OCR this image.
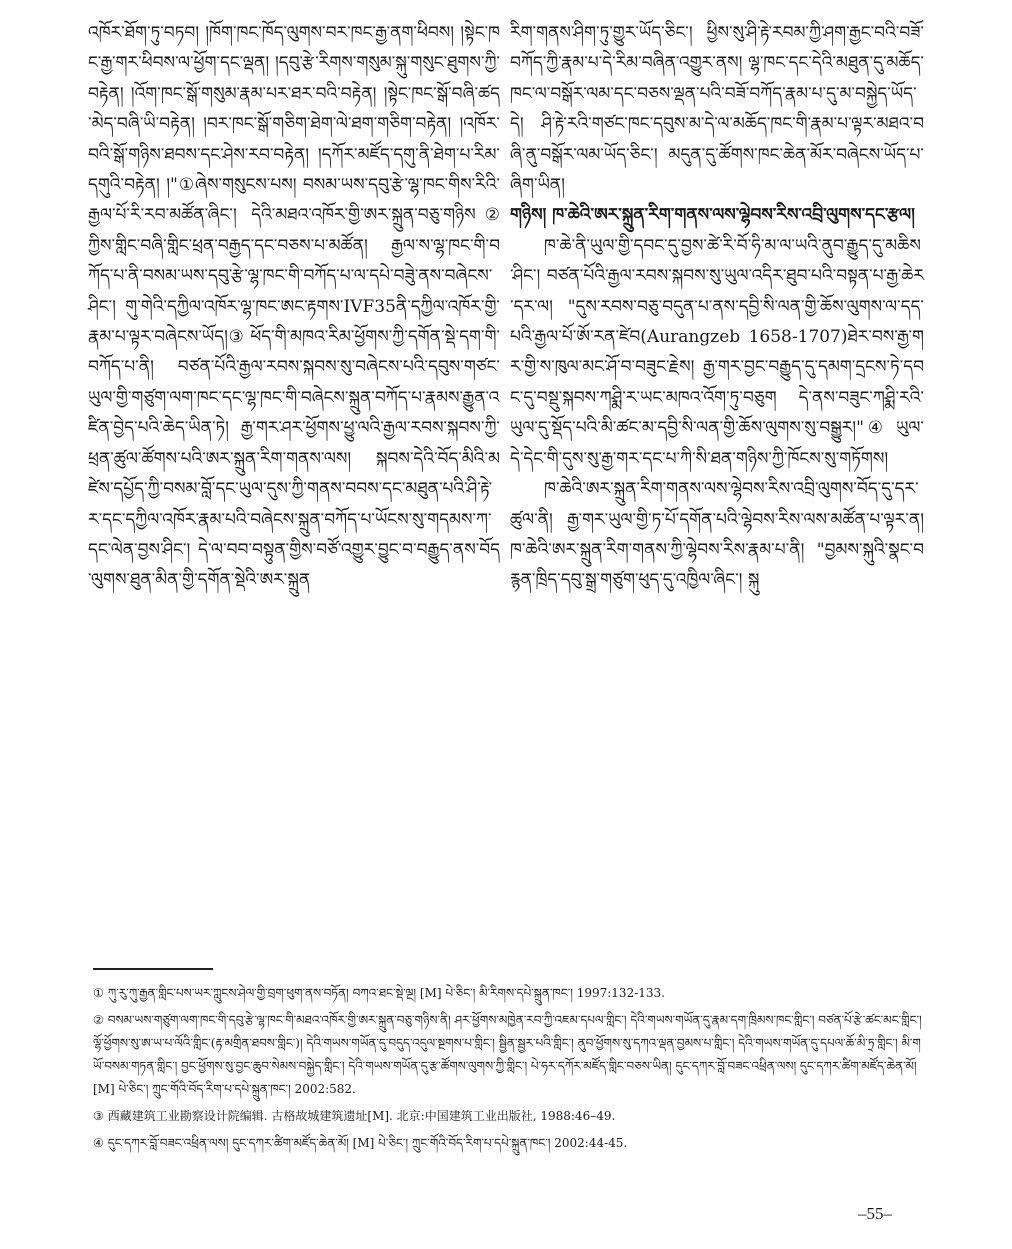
འཁོར་ཐོག་ཏུ་བཏབ། །ཁོག་ཁང་ཁོད་ལུགས་བར་ཁང་རྒྱ་ནག་ཕིབས། །སྟེང་ཁང་རྒྱ་གར་ཕིབས་ལ་ཕྱོག་དང་ལྡན། །དབུ་རྩེ་རིགས་གསུམ་སྐུ་གསུང་ཐུགས་ཀྱི་བརྟེན། །འོག་ཁང་སྒོ་གསུམ་རྣམ་པར་ཐར་བའི་བརྟེན། །སྟེང་ཁང་སྒོ་བཞི་ཚད་མེད་བཞི་ཡི་བརྟེན། །བར་ཁང་སྒོ་གཅིག་ཐེག་ལེ་ཐག་གཅིག་བརྟེན། །འཁོར་བའི་སྒོ་གཉིས་ཐབས་དང་ཤེས་རབ་བརྟེན། །དཀོར་མཛོད་དགུ་ནི་ཐེག་པ་རིམ་དགུའི་བརྟེན། །"①ཞེས་གསུངས་པས། བསམ་ཡས་དབུ་རྩེ་ལྷ་ཁང་གིས་རིའི་རྒྱལ་པོ་རི་རབ་མཚོན་ཞིང་། དེའི་མཐའ་འཁོར་གྱི་ཨར་སྐྲུན་བཅུ་གཉིས②ཀྱིས་གླིང་བཞི་གླིང་ཕྲན་བརྒྱད་དང་བཅས་པ་མཚོན། རྒྱལ་ས་ལྷ་ཁང་གི་བཀོད་པ་ནི་བསམ་ཡས་དབུ་རྩེ་ལྷ་ཁང་གི་བཀོད་པ་ལ་དཔེ་བཟེུ་ནས་བཞེངས་ཤིང་། གུ་གེའི་དཀྱིལ་འཁོར་ལྷ་ཁང་ཨང་རྟགས་IVF35ནི་དཀྱིལ་འཁོར་གྱི་རྣམ་པ་ལྟར་བཞེངས་ཡོད།③ ཕོད་གི་མཁའ་རིམ་ཕྱོགས་ཀྱི་དགོན་སྡེ་དག་གི་བཀོད་པ་ནི། བཙན་པོའི་རྒྱལ་རབས་སྐབས་སུ་བཞེངས་པའི་དབུས་གཙང་ཡུལ་གྱི་གཙུག་ལག་ཁང་དང་ལྷ་ཁང་གི་བཞེངས་སྐྲུན་བཀོད་པ་རྣམས་རྒྱུན་འཛིན་བྱེད་པའི་ཆེད་ཡིན་ཏེ། རྒྱ་གར་ཤར་ཕྱོགས་ཕྱུ་ལའི་རྒྱལ་རབས་སྐབས་ཀྱི་ཕྲན་ཚུལ་ཚོགས་པའི་ཨར་སྐྲུན་རིག་གནས་ལས། སྐབས་དེའི་བོད་མིའི་མཛེས་དཔྱོད་ཀྱི་བསམ་བློ་དང་ཡུལ་དུས་ཀྱི་གནས་བབས་དང་མཐུན་པའི་ཤི་རྟེ་ར་དང་དཀྱིལ་འཁོར་རྣམ་པའི་བཞེངས་སྐྲུན་བཀོད་པ་ཡོངས་སུ་གདམས་ཀ་དང་ལེན་བྱས་ཤིང་། དེ་ལ་བབ་བསྟུན་གྱིས་བཙོ་འགྱུར་བྱུང་བ་བརྒྱུད་ནས་བོད་ལུགས་ཐུན་མིན་གྱི་དགོན་སྡེའི་ཨར་སྐྲུན

རིག་གནས་ཤིག་ཏུ་གྱུར་ཡོད་ཅིང་། ཕྱིས་སུ་ཤི་རྟེ་རབམ་ཀྱི་ཤག་རྒྱང་བའི་བཟོ་བཀོད་ཀྱི་རྣམ་པ་དེ་རིམ་བཞིན་འགྱུར་ནས། ལྷ་ཁང་དང་དེའི་མཐུན་དུ་མཆོད་ཁང་ལ་བསྒོར་ལམ་དང་བཅས་ལྡན་པའི་བཟོ་བཀོད་རྣམ་པ་དུ་མ་བསྐྱེད་ཡོད་དེ། ཤི་རྟེ་རའི་གཙང་ཁང་དབུས་མ་དེ་ལ་མཆོད་ཁང་གི་རྣམ་པ་ལྟར་མཐའ་བཞི་ནུ་བསྒོར་ལམ་ཡོད་ཅིང་། མདུན་དུ་ཚོགས་ཁང་ཆེན་མོར་བཞེངས་ཡོད་པ་ཞིག་ཡིན།

གཉིས། ཁ་ཆེའི་ཨར་སྐྲུན་རིག་གནས་ལས་ལྷེབས་རིས་འབྲི་ལུགས་དང་རྩལ།

ཁ་ཆེ་ནི་ཡུལ་གྱི་དབང་དུ་བྱས་ཚེ་རི་བོ་ཧི་མ་ལ་ཡའི་ནུབ་རྒྱུད་དུ་མཆིས་ཤིང་། བཙན་པོའི་རྒྱལ་རབས་སྐབས་སུ་ཡུལ་འདིར་ཐུབ་པའི་བསྟན་པ་རྒྱ་ཆེར་དར་ལ། "དུས་རབས་བཅུ་བདུན་པ་ནས་དབྱི་སི་ལན་གྱི་ཆོས་ལུགས་ལ་དད་པའི་རྒྱལ་པོ་ཨོ་རན་ཛེབ(Aurangzeb 1658-1707)ཐེར་བས་རྒྱ་གར་གྱི་ས་ཁུལ་མང་ཤོ་བ་བཟུང་རྗེས། རྒྱ་གར་བྱང་བརྒྱུད་དུ་དམག་དྲངས་ཏེ་དབང་དུ་བསྡུ་སྐབས་ཀཤྨི་ར་ཡང་མཁའ་འོག་ཏུ་བཅུག དེ་ནས་བཟུང་ཀཤྨི་རའི་ཡུལ་དུ་སྡོད་པའི་མི་ཚང་མ་དབྱི་སི་ལན་གྱི་ཆོས་ལུགས་སུ་བསྒྱུར།"④ ཡུལ་དེ་དེང་གི་དུས་སུ་རྒྱ་གར་དང་པ་ཀི་སི་ཐན་གཉིས་ཀྱི་ཁོངས་སུ་གཏོགས།

ཁ་ཆེའི་ཨར་སྐྲུན་རིག་གནས་ལས་ལྷེབས་རིས་འབྲི་ལུགས་བོད་དུ་དར་ཚུལ་ནི། རྒྱ་གར་ཡུལ་གྱི་ཏ་པོ་དགོན་པའི་ལྷེབས་རིས་ལས་མཚོན་པ་ལྟར་ན། ཁ་ཆེའི་ཨར་སྐྲུན་རིག་གནས་ཀྱི་ལྷེབས་རིས་རྣམ་པ་ནི། "བྱམས་སྐུའི་སྣང་བརྙན་ཁྲིད་དབུ་སྒྲ་གཙུག་ཕུད་དུ་འཁྱིལ་ཞིང་། སྐུ

① ཀུ་རུ་ཀུ་རྒྱན་གླིང་པས་ཡར་ཀླུངས་ཤེལ་གྱི་བྲག་ཕུག་ནས་བཏོན། བཀའ་ཐང་སྡེ་ལྔ། [M] པེ་ཅིང་། མི་རིགས་དཔེ་སྐྲུན་ཁང་། 1997:132-133.

② བསམ་ཡས་གཙུག་ལག་ཁང་གི་དབུ་རྩེ་ལྷ་ཁང་གི་མཐའ་འཁོར་གྱི་ཨར་སྐྲུན་བཅུ་གཉིས་ནི། ཤར་ཕྱོགས་མཁྱེན་རབ་ཀྱི་འཇམ་དཔལ་གླིང་། དེའི་གཡས་གཡོན་དུ་རྣམ་དག་ཁྲིམས་ཁང་གླིང་། བཙན་པོ་རྩེ་ཚང་མང་གླིང་། ལྷོ་ཕྱོགས་སུ་ཨ་ཡ་པ་ལོའི་གླིང་(རྟ་མགྲིན་ཐབས་གླིང་)། དེའི་གཡས་གཡོན་དུ་བདུད་འདུལ་སྔགས་པ་གླིང་། སྦྱིན་སྦྱར་པའི་གླིང་། ནུབ་ཕྱོགས་སུ་དཀའ་ལྡན་བྱམས་པ་གླིང་། དེའི་གཡས་གཡོན་དུ་དཔལ་ཆོ་མི་ཏྲ་གླིང་། མི་གཡོ་བསམ་གཏན་གླིང་། བྱང་ཕྱོགས་སུ་བྱང་ཆུབ་སེམས་བསྐྱེད་གླིང་། དེའི་གཡས་གཡོན་དུ་རྩ་ཚོགས་ལུགས་ཀྱི་གླིང་། པེ་ཧར་དཀོར་མཛོད་གླིང་བཅས་ཡིན། དུང་དཀར་བློ་བཟང་འཕྲིན་ལས། དུང་དཀར་ཚིག་མཛོད་ཆེན་མོ། [M] པེ་ཅིང་། ཀྲུང་གོའི་བོད་རིག་པ་དཔེ་སྐྲུན་ཁང་། 2002:582.

③ 西藏建筑工业勘察设计院编辑. 古格故城建筑遗址[M]. 北京:中国建筑工业出版社, 1988:46–49.

④ དུང་དཀར་བློ་བཟང་འཕྲིན་ལས། དུང་དཀར་ཚིག་མཛོད་ཆེན་མོ། [M] པེ་ཅིང་། ཀྲུང་གོའི་བོད་རིག་པ་དཔེ་སྐྲུན་ཁང་། 2002:44-45.

–55–
